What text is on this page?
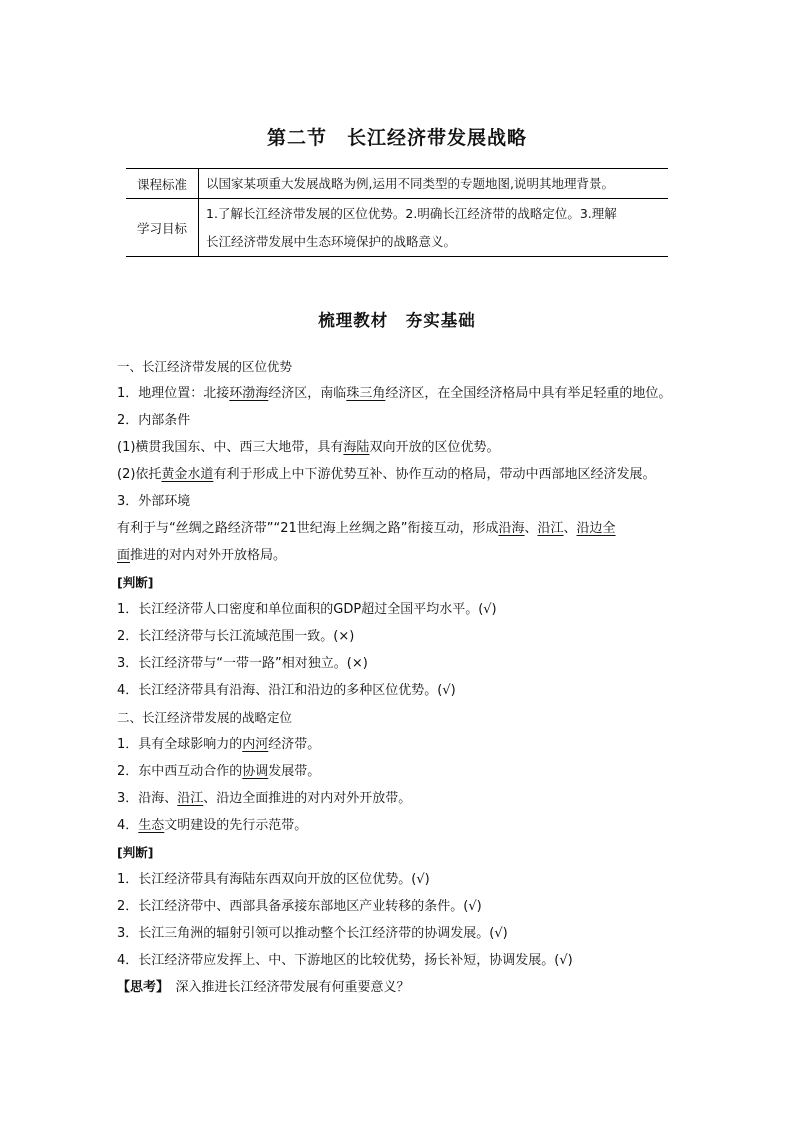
第二节　长江经济带发展战略
课程标准	以国家某项重大发展战略为例,运用不同类型的专题地图,说明其地理背景。
学习目标	1.了解长江经济带发展的区位优势。2.明确长江经济带的战略定位。3.理解
长江经济带发展中生态环境保护的战略意义。
梳理教材　夯实基础
一、长江经济带发展的区位优势
1．地理位置：北接环渤海经济区，南临珠三角经济区，在全国经济格局中具有举足轻重的地位。
2．内部条件
(1)横贯我国东、中、西三大地带，具有海陆双向开放的区位优势。
(2)依托黄金水道有利于形成上中下游优势互补、协作互动的格局，带动中西部地区经济发展。
3．外部环境
有利于与“丝绸之路经济带”“21世纪海上丝绸之路”衔接互动，形成沿海、沿江、沿边全
面推进的对内对外开放格局。
[判断]
1．长江经济带人口密度和单位面积的GDP超过全国平均水平。(√)
2．长江经济带与长江流域范围一致。(×)
3．长江经济带与“一带一路”相对独立。(×)
4．长江经济带具有沿海、沿江和沿边的多种区位优势。(√)
二、长江经济带发展的战略定位
1．具有全球影响力的内河经济带。
2．东中西互动合作的协调发展带。
3．沿海、沿江、沿边全面推进的对内对外开放带。
4．生态文明建设的先行示范带。
[判断]
1．长江经济带具有海陆东西双向开放的区位优势。(√)
2．长江经济带中、西部具备承接东部地区产业转移的条件。(√)
3．长江三角洲的辐射引领可以推动整个长江经济带的协调发展。(√)
4．长江经济带应发挥上、中、下游地区的比较优势，扬长补短，协调发展。(√)
【思考】　深入推进长江经济带发展有何重要意义？
